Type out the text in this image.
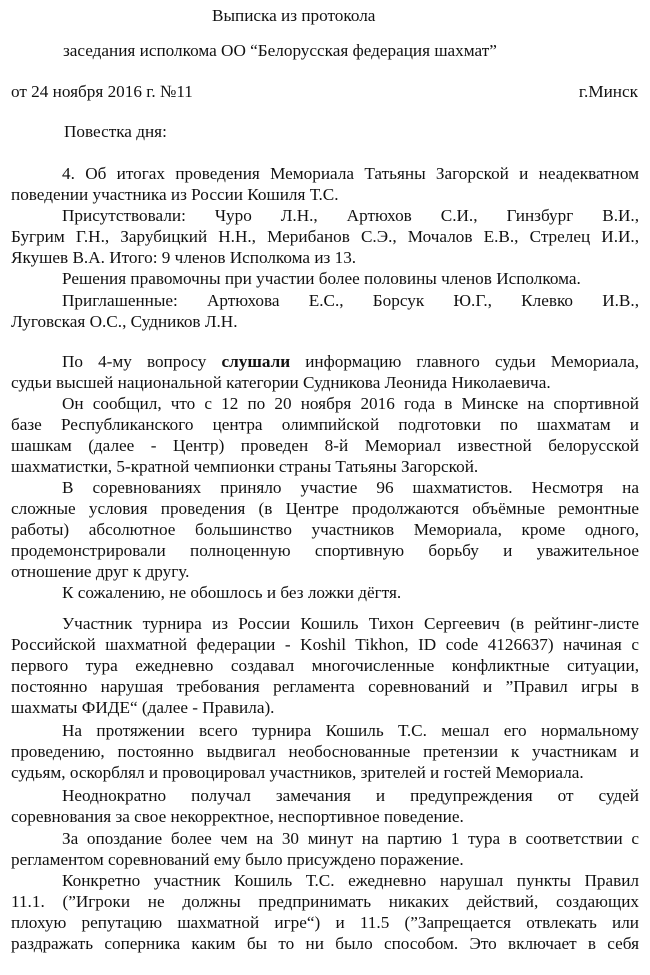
Выписка из протокола
заседания исполкома ОО “Белорусская федерация шахмат”
от 24 ноября 2016 г. №11	г.Минск
Повестка дня:
4. Об итогах проведения Мемориала Татьяны Загорской и неадекватном
поведении участника из России Кошиля Т.С.
Присутствовали: Чуро Л.Н., Артюхов С.И., Гинзбург В.И.,
Бугрим Г.Н., Зарубицкий Н.Н., Мерибанов С.Э., Мочалов Е.В., Стрелец И.И.,
Якушев В.А. Итого: 9 членов Исполкома из 13.
Решения правомочны при участии более половины членов Исполкома.
Приглашенные: Артюхова Е.С., Борсук Ю.Г., Клевко И.В.,
Луговская О.С., Судников Л.Н.
По 4-му вопросу слушали информацию главного судьи Мемориала,
судьи высшей национальной категории Судникова Леонида Николаевича.
Он сообщил, что с 12 по 20 ноября 2016 года в Минске на спортивной
базе Республиканского центра олимпийской подготовки по шахматам и
шашкам (далее - Центр) проведен 8-й Мемориал известной белорусской
шахматистки, 5-кратной чемпионки страны Татьяны Загорской.
В соревнованиях приняло участие 96 шахматистов. Несмотря на
сложные условия проведения (в Центре продолжаются объёмные ремонтные
работы) абсолютное большинство участников Мемориала, кроме одного,
продемонстрировали полноценную спортивную борьбу и уважительное
отношение друг к другу.
К сожалению, не обошлось и без ложки дёгтя.
Участник турнира из России Кошиль Тихон Сергеевич (в рейтинг-листе
Российской шахматной федерации - Koshil Tikhon, ID code 4126637) начиная с
первого тура ежедневно создавал многочисленные конфликтные ситуации,
постоянно нарушая требования регламента соревнований и ”Правил игры в
шахматы ФИДЕ“ (далее - Правила).
На протяжении всего турнира Кошиль Т.С. мешал его нормальному
проведению, постоянно выдвигал необоснованные претензии к участникам и
судьям, оскорблял и провоцировал участников, зрителей и гостей Мемориала.
Неоднократно получал замечания и предупреждения от судей
соревнования за свое некорректное, неспортивное поведение.
За опоздание более чем на 30 минут на партию 1 тура в соответствии с
регламентом соревнований ему было присуждено поражение.
Конкретно участник Кошиль Т.С. ежедневно нарушал пункты Правил
11.1. (”Игроки не должны предпринимать никаких действий, создающих
плохую репутацию шахматной игре“) и 11.5 (”Запрещается отвлекать или
раздражать соперника каким бы то ни было способом. Это включает в себя
